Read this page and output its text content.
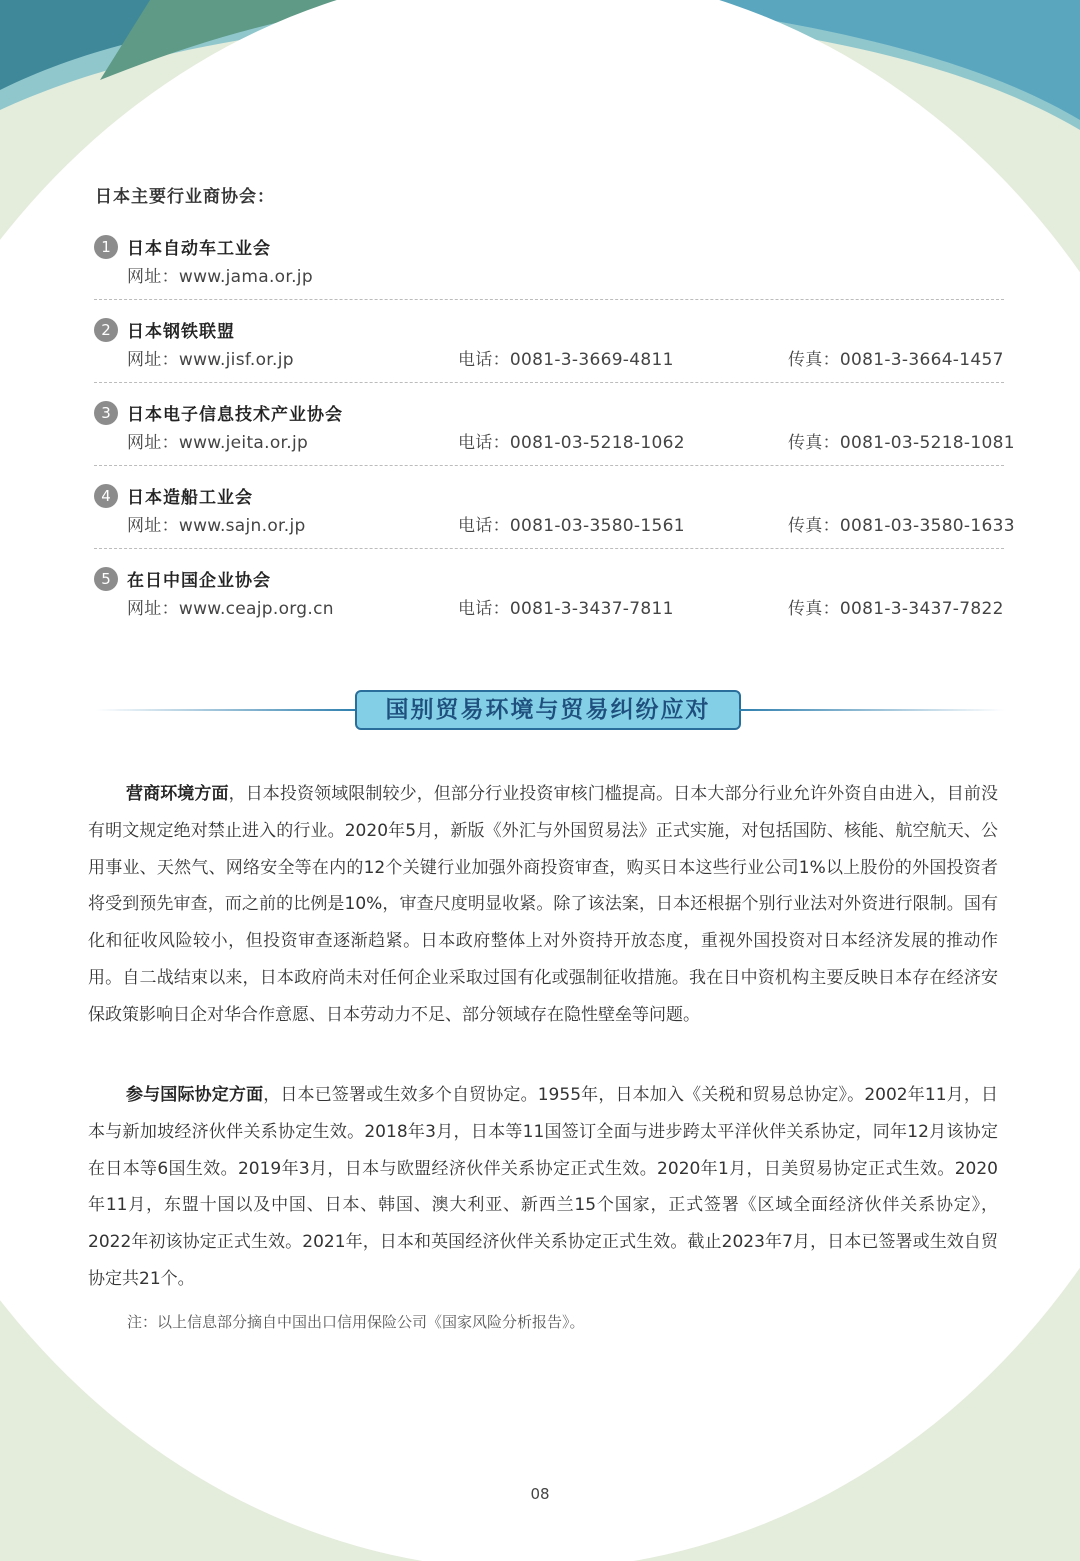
日本主要行业商协会：
1 日本自动车工业会
网址：www.jama.or.jp
2 日本钢铁联盟
网址：www.jisf.or.jp	电话：0081-3-3669-4811	传真：0081-3-3664-1457
3 日本电子信息技术产业协会
网址：www.jeita.or.jp	电话：0081-03-5218-1062	传真：0081-03-5218-1081
4 日本造船工业会
网址：www.sajn.or.jp	电话：0081-03-3580-1561	传真：0081-03-3580-1633
5 在日中国企业协会
网址：www.ceajp.org.cn	电话：0081-3-3437-7811	传真：0081-3-3437-7822
国别贸易环境与贸易纠纷应对

营商环境方面，日本投资领域限制较少，但部分行业投资审核门槛提高。日本大部分行业允许外资自由进入，目前没有明文规定绝对禁止进入的行业。2020年5月，新版《外汇与外国贸易法》正式实施，对包括国防、核能、航空航天、公用事业、天然气、网络安全等在内的12个关键行业加强外商投资审查，购买日本这些行业公司1%以上股份的外国投资者将受到预先审查，而之前的比例是10%，审查尺度明显收紧。除了该法案，日本还根据个别行业法对外资进行限制。国有化和征收风险较小，但投资审查逐渐趋紧。日本政府整体上对外资持开放态度，重视外国投资对日本经济发展的推动作用。自二战结束以来，日本政府尚未对任何企业采取过国有化或强制征收措施。我在日中资机构主要反映日本存在经济安保政策影响日企对华合作意愿、日本劳动力不足、部分领域存在隐性壁垒等问题。

参与国际协定方面，日本已签署或生效多个自贸协定。1955年，日本加入《关税和贸易总协定》。2002年11月，日本与新加坡经济伙伴关系协定生效。2018年3月，日本等11国签订全面与进步跨太平洋伙伴关系协定，同年12月该协定在日本等6国生效。2019年3月，日本与欧盟经济伙伴关系协定正式生效。2020年1月，日美贸易协定正式生效。2020年11月，东盟十国以及中国、日本、韩国、澳大利亚、新西兰15个国家，正式签署《区域全面经济伙伴关系协定》，2022年初该协定正式生效。2021年，日本和英国经济伙伴关系协定正式生效。截止2023年7月，日本已签署或生效自贸协定共21个。

注：以上信息部分摘自中国出口信用保险公司《国家风险分析报告》。
08
